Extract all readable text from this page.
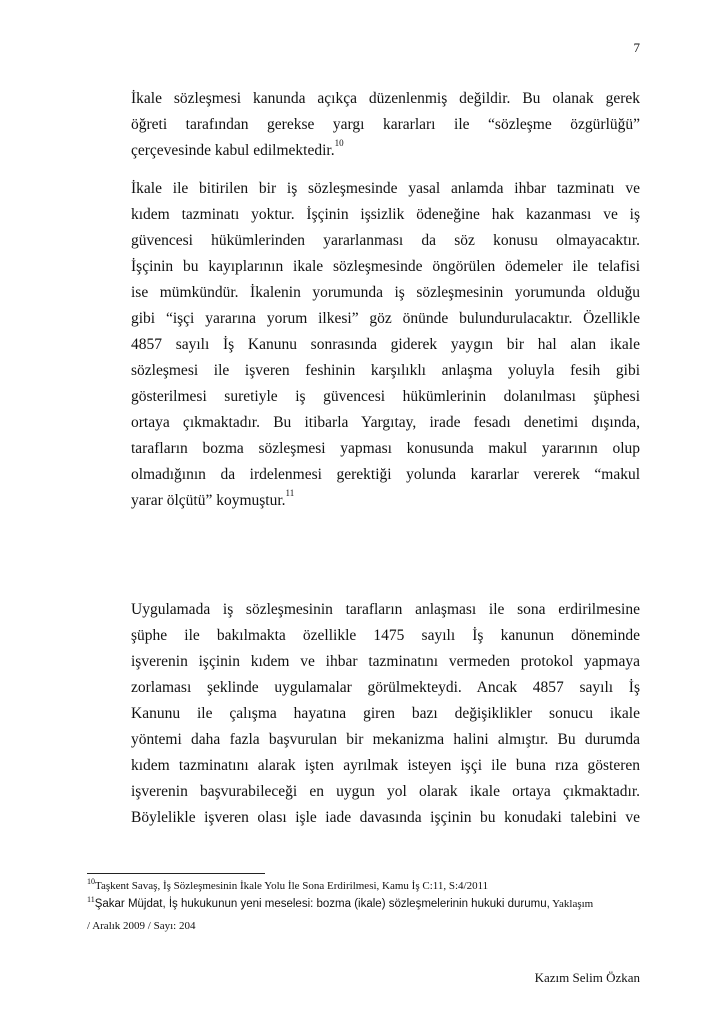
7
İkale sözleşmesi kanunda açıkça düzenlenmiş değildir. Bu olanak gerek
öğreti tarafından gerekse yargı kararları ile “sözleşme özgürlüğü”
çerçevesinde kabul edilmektedir.$^{10}$
İkale ile bitirilen bir iş sözleşmesinde yasal anlamda ihbar tazminatı ve
kıdem tazminatı yoktur. İşçinin işsizlik ödeneğine hak kazanması ve iş
güvencesi hükümlerinden yararlanması da söz konusu olmayacaktır.
İşçinin bu kayıplarının ikale sözleşmesinde öngörülen ödemeler ile telafisi
ise mümkündür. İkalenin yorumunda iş sözleşmesinin yorumunda olduğu
gibi “işçi yararına yorum ilkesi” göz önünde bulundurulacaktır. Özellikle
4857 sayılı İş Kanunu sonrasında giderek yaygın bir hal alan ikale
sözleşmesi ile işveren feshinin karşılıklı anlaşma yoluyla fesih gibi
gösterilmesi suretiyle iş güvencesi hükümlerinin dolanılması şüphesi
ortaya çıkmaktadır. Bu itibarla Yargıtay, irade fesadı denetimi dışında,
tarafların bozma sözleşmesi yapması konusunda makul yararının olup
olmadığının da irdelenmesi gerektiği yolunda kararlar vererek “makul
yarar ölçütü” koymuştur.$^{11}$
Uygulamada iş sözleşmesinin tarafların anlaşması ile sona erdirilmesine
şüphe ile bakılmakta özellikle 1475 sayılı İş kanunun döneminde
işverenin işçinin kıdem ve ihbar tazminatını vermeden protokol yapmaya
zorlaması şeklinde uygulamalar görülmekteydi. Ancak 4857 sayılı İş
Kanunu ile çalışma hayatına giren bazı değişiklikler sonucu ikale
yöntemi daha fazla başvurulan bir mekanizma halini almıştır. Bu durumda
kıdem tazminatını alarak işten ayrılmak isteyen işçi ile buna rıza gösteren
işverenin başvurabileceği en uygun yol olarak ikale ortaya çıkmaktadır.
Böylelikle işveren olası işle iade davasında işçinin bu konudaki talebini ve
$^{10}$Taşkent Savaş, İş Sözleşmesinin İkale Yolu İle Sona Erdirilmesi, Kamu İş C:11, S:4/2011
$^{11}$Şakar Müjdat, İş hukukunun yeni meselesi: bozma (ikale) sözleşmelerinin hukuki durumu, Yaklaşım
/ Aralık 2009 / Sayı: 204
Kazım Selim Özkan
